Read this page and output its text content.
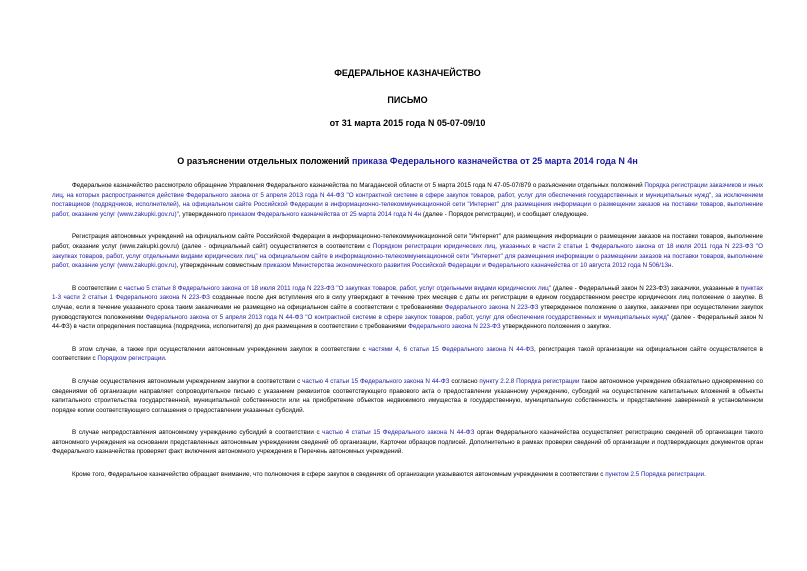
ФЕДЕРАЛЬНОЕ КАЗНАЧЕЙСТВО
ПИСЬМО
от 31 марта 2015 года N 05-07-09/10
О разъяснении отдельных положений приказа Федерального казначейства от 25 марта 2014 года N 4н

Федеральное казначейство рассмотрело обращение Управления Федерального казначейства по Магаданской области от 5 марта 2015 года N 47-05-07/879 о разъяснении отдельных положений Порядка регистрации заказчиков и иных лиц, на которых распространяется действие Федерального закона от 5 апреля 2013 года N 44-ФЗ "О контрактной системе в сфере закупок товаров, работ, услуг для обеспечения государственных и муниципальных нужд", за исключением поставщиков (подрядчиков, исполнителей), на официальном сайте Российской Федерации в информационно-телекоммуникационной сети "Интернет" для размещения информации о размещении заказов на поставки товаров, выполнение работ, оказание услуг (www.zakupki.gov.ru)", утвержденного приказом Федерального казначейства от 25 марта 2014 года N 4н (далее - Порядок регистрации), и сообщает следующее.

Регистрация автономных учреждений на официальном сайте Российской Федерации в информационно-телекоммуникационной сети "Интернет" для размещения информации о размещении заказов на поставки товаров, выполнение работ, оказание услуг (www.zakupki.gov.ru) (далее - официальный сайт) осуществляется в соответствии с Порядком регистрации юридических лиц, указанных в части 2 статьи 1 Федерального закона от 18 июля 2011 года N 223-ФЗ "О закупках товаров, работ, услуг отдельными видами юридических лиц" на официальном сайте в информационно-телекоммуникационной сети "Интернет" для размещения информации о размещении заказов на поставки товаров, выполнение работ, оказание услуг (www.zakupki.gov.ru), утвержденным совместным приказом Министерства экономического развития Российской Федерации и Федерального казначейства от 10 августа 2012 года N 506/13н.

В соответствии с частью 5 статьи 8 Федерального закона от 18 июля 2011 года N 223-ФЗ "О закупках товаров, работ, услуг отдельными видами юридических лиц" (далее - Федеральный закон N 223-ФЗ) заказчики, указанные в пунктах 1-3 части 2 статьи 1 Федерального закона N 223-ФЗ созданные после дня вступления его в силу утверждают в течение трех месяцев с даты их регистрации в едином государственном реестре юридических лиц положение о закупке. В случае, если в течение указанного срока таким заказчиками не размещено на официальном сайте в соответствии с требованиями Федерального закона N 223-ФЗ утвержденное положение о закупке, заказчики при осуществлении закупок руководствуются положениями Федерального закона от 5 апреля 2013 года N 44-ФЗ "О контрактной системе в сфере закупок товаров, работ, услуг для обеспечения государственных и муниципальных нужд" (далее - Федеральный закон N 44-ФЗ) в части определения поставщика (подрядчика, исполнителя) до дня размещения в соответствии с требованиями Федерального закона N 223-ФЗ утвержденного положения о закупке.

В этом случае, а также при осуществлении автономным учреждением закупок в соответствии с частями 4, 6 статьи 15 Федерального закона N 44-ФЗ, регистрация такой организации на официальном сайте осуществляется в соответствии с Порядком регистрации.

В случае осуществления автономным учреждением закупки в соответствии с частью 4 статьи 15 Федерального закона N 44-ФЗ согласно пункту 2.2.8 Порядка регистрации такое автономное учреждение обязательно одновременно со сведениями об организации направляет сопроводительное письмо с указанием реквизитов соответствующего правового акта о предоставлении указанному учреждению, субсидий на осуществление капитальных вложений в объекты капитального строительства государственной, муниципальной собственности или на приобретение объектов недвижимого имущества в государственную, муниципальную собственность и представление заверенной в установленном порядке копии соответствующего соглашения о предоставлении указанных субсидий.

В случае непредоставления автономному учреждению субсидий в соответствии с частью 4 статьи 15 Федерального закона N 44-ФЗ орган Федерального казначейства осуществляет регистрацию сведений об организации такого автономного учреждения на основании представленных автономным учреждением сведений об организации, Карточки образцов подписей. Дополнительно в рамках проверки сведений об организации и подтверждающих документов орган Федерального казначейства проверяет факт включения автономного учреждения в Перечень автономных учреждений.

Кроме того, Федеральное казначейство обращает внимание, что полномочия в сфере закупок в сведениях об организации указываются автономным учреждением в соответствии с пунктом 2.5 Порядка регистрации.
